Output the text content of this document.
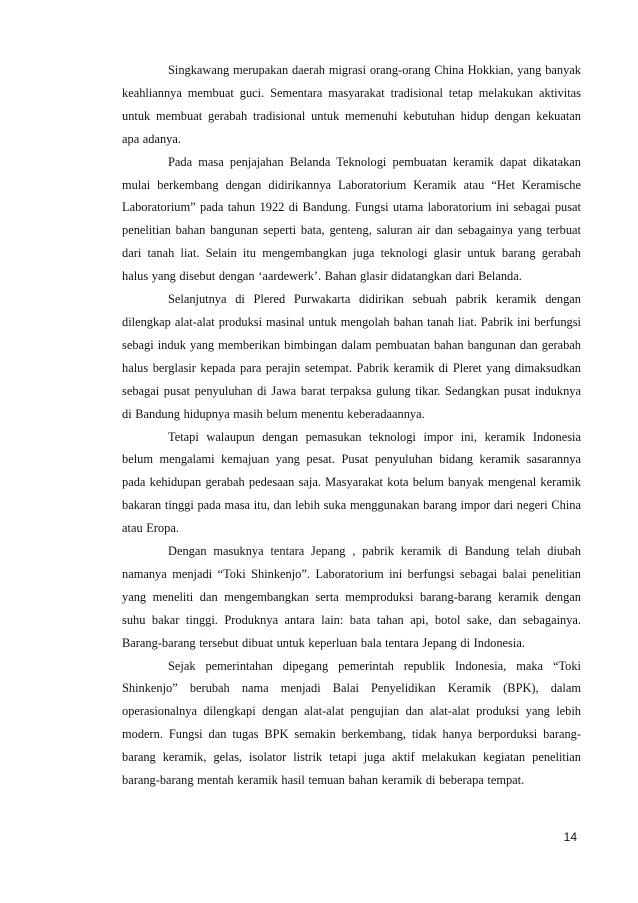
Singkawang merupakan daerah migrasi orang-orang China Hokkian, yang banyak keahliannya membuat guci. Sementara masyarakat tradisional tetap melakukan aktivitas untuk membuat gerabah tradisional untuk memenuhi kebutuhan hidup dengan kekuatan apa adanya.

Pada masa penjajahan Belanda Teknologi pembuatan keramik dapat dikatakan mulai berkembang dengan didirikannya Laboratorium Keramik atau “Het Keramische Laboratorium” pada tahun 1922 di Bandung. Fungsi utama laboratorium ini sebagai pusat penelitian bahan bangunan seperti bata, genteng, saluran air dan sebagainya yang terbuat dari tanah liat. Selain itu mengembangkan juga teknologi glasir untuk barang gerabah halus yang disebut dengan ‘aardewerk’. Bahan glasir didatangkan dari Belanda.

Selanjutnya di Plered Purwakarta didirikan sebuah pabrik keramik dengan dilengkap alat-alat produksi masinal untuk mengolah bahan tanah liat. Pabrik ini berfungsi sebagi induk yang memberikan bimbingan dalam pembuatan bahan bangunan dan gerabah halus berglasir kepada para perajin setempat. Pabrik keramik di Pleret yang dimaksudkan sebagai pusat penyuluhan di Jawa barat terpaksa gulung tikar. Sedangkan pusat induknya di Bandung hidupnya masih belum menentu keberadaannya.

Tetapi walaupun dengan pemasukan teknologi impor ini, keramik Indonesia belum mengalami kemajuan yang pesat. Pusat penyuluhan bidang keramik sasarannya pada kehidupan gerabah pedesaan saja. Masyarakat kota belum banyak mengenal keramik bakaran tinggi pada masa itu, dan lebih suka menggunakan barang impor dari negeri China atau Eropa.

Dengan masuknya tentara Jepang , pabrik keramik di Bandung telah diubah namanya menjadi “Toki Shinkenjo”. Laboratorium ini berfungsi sebagai balai penelitian yang meneliti dan mengembangkan serta memproduksi barang-barang keramik dengan suhu bakar tinggi. Produknya antara lain: bata tahan api, botol sake, dan sebagainya. Barang-barang tersebut dibuat untuk keperluan bala tentara Jepang di Indonesia.

Sejak pemerintahan dipegang pemerintah republik Indonesia, maka “Toki Shinkenjo” berubah nama menjadi Balai Penyelidikan Keramik (BPK), dalam operasionalnya dilengkapi dengan alat-alat pengujian dan alat-alat produksi yang lebih modern. Fungsi dan tugas BPK semakin berkembang, tidak hanya berporduksi barang-barang keramik, gelas, isolator listrik tetapi juga aktif melakukan kegiatan penelitian barang-barang mentah keramik hasil temuan bahan keramik di beberapa tempat.

14
